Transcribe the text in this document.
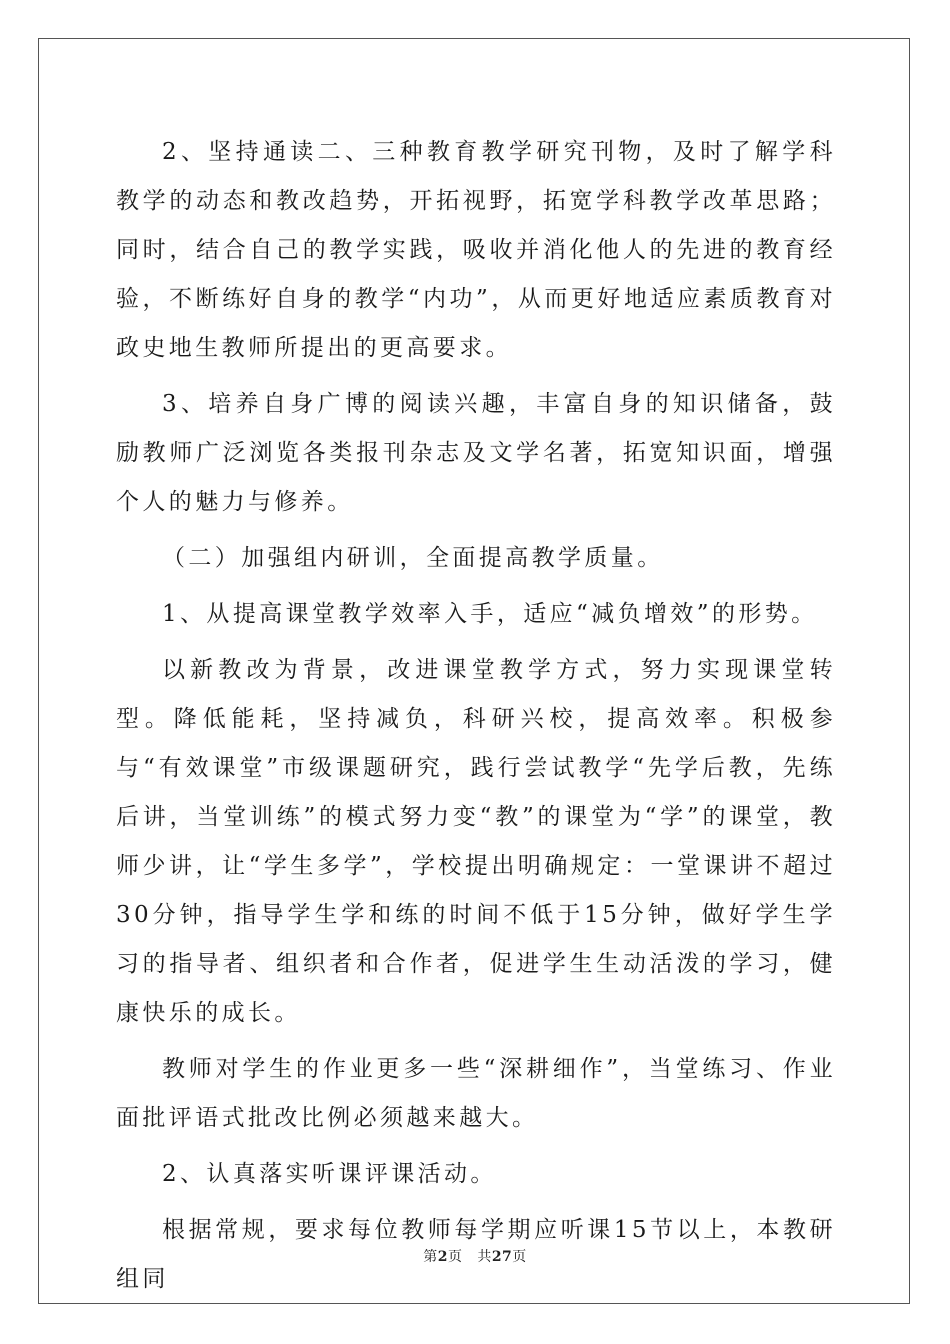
2、坚持通读二、三种教育教学研究刊物，及时了解学科教学的动态和教改趋势，开拓视野，拓宽学科教学改革思路；同时，结合自己的教学实践，吸收并消化他人的先进的教育经验，不断练好自身的教学“内功”，从而更好地适应素质教育对政史地生教师所提出的更高要求。

3、培养自身广博的阅读兴趣，丰富自身的知识储备，鼓励教师广泛浏览各类报刊杂志及文学名著，拓宽知识面，增强个人的魅力与修养。

（二）加强组内研训，全面提高教学质量。

1、从提高课堂教学效率入手，适应“减负增效”的形势。

以新教改为背景，改进课堂教学方式，努力实现课堂转型。降低能耗，坚持减负，科研兴校，提高效率。积极参与“有效课堂”市级课题研究，践行尝试教学“先学后教，先练后讲，当堂训练”的模式努力变“教”的课堂为“学”的课堂，教师少讲，让“学生多学”，学校提出明确规定：一堂课讲不超过30分钟，指导学生学和练的时间不低于15分钟，做好学生学习的指导者、组织者和合作者，促进学生生动活泼的学习，健康快乐的成长。

教师对学生的作业更多一些“深耕细作”，当堂练习、作业面批评语式批改比例必须越来越大。

2、认真落实听课评课活动。

根据常规，要求每位教师每学期应听课15节以上，本教研组同

第2页 共27页
